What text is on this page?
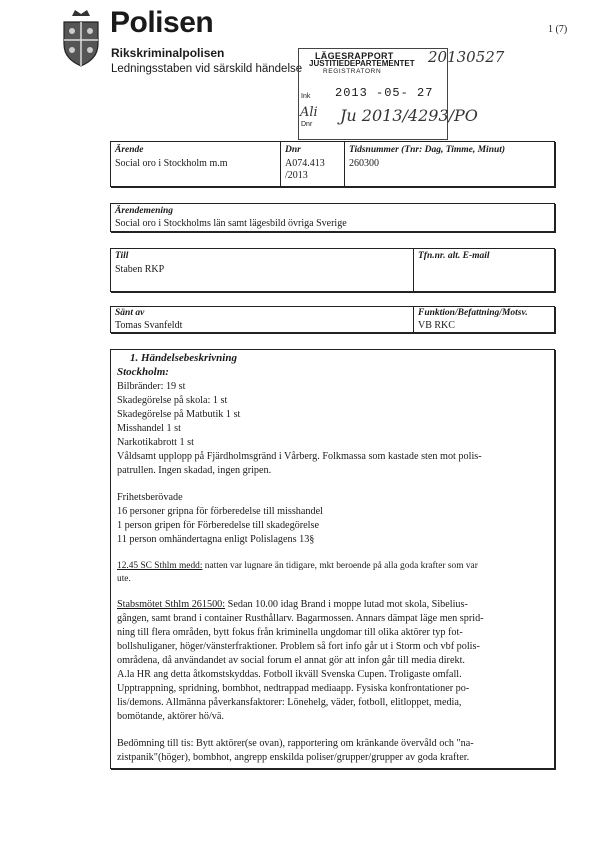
Polisen
Rikskriminalpolisen
Ledningsstaben vid särskild händelse
1 (7)
LÄGESRAPPORT
JUSTITIEDEPARTEMENTET
REGISTRATORN
Ink 2013 -05- 27
Dnr
20130527
Ali Ju 2013/4293/PO
Ärende
Social oro i Stockholm m.m
Dnr
A074.413
/2013
Tidsnummer (Tnr: Dag, Timme, Minut)
260300
Ärendemening
Social oro i Stockholms län samt lägesbild övriga Sverige
Till
Staben RKP
Tfn.nr. alt. E-mail
Sänt av
Tomas Svanfeldt
Funktion/Befattning/Motsv.
VB RKC
1. Händelsebeskrivning
Stockholm:
Bilbränder: 19 st
Skadegörelse på skola: 1 st
Skadegörelse på Matbutik 1 st
Misshandel 1 st
Narkotikabrott 1 st
Våldsamt upplopp på Fjärdholmsgränd i Vårberg. Folkmassa som kastade sten mot polis-
patrullen. Ingen skadad, ingen gripen.
Frihetsberövade
16 personer gripna för förberedelse till misshandel
1 person gripen för Förberedelse till skadegörelse
11 person omhändertagna enligt Polislagens 13§
12.45 SC Sthlm medd: natten var lugnare än tidigare, mkt beroende på alla goda krafter som var
ute.
Stabsmötet Sthlm 261500: Sedan 10.00 idag Brand i moppe lutad mot skola, Sibelius-
gången, samt brand i container Rusthållarv. Bagarmossen. Annars dämpat läge men sprid-
ning till flera områden, bytt fokus från kriminella ungdomar till olika aktörer typ fot-
bollshuliganer, höger/vänsterfraktioner. Problem så fort info går ut i Storm och vbf polis-
områdena, då användandet av social forum el annat gör att infon går till media direkt.
A.la HR ang detta åtkomstskyddas. Fotboll ikväll Svenska Cupen. Troligaste omfall.
Upptrappning, spridning, bombhot, nedtrappad mediaapp. Fysiska konfrontationer po-
lis/demons. Allmänna påverkansfaktorer: Lönehelg, väder, fotboll, elitloppet, media,
bomötande, aktörer hö/vä.
Bedömning till tis: Bytt aktörer(se ovan), rapportering om kränkande övervåld och "na-
zistpanik"(höger), bombhot, angrepp enskilda poliser/grupper/grupper av goda krafter.
